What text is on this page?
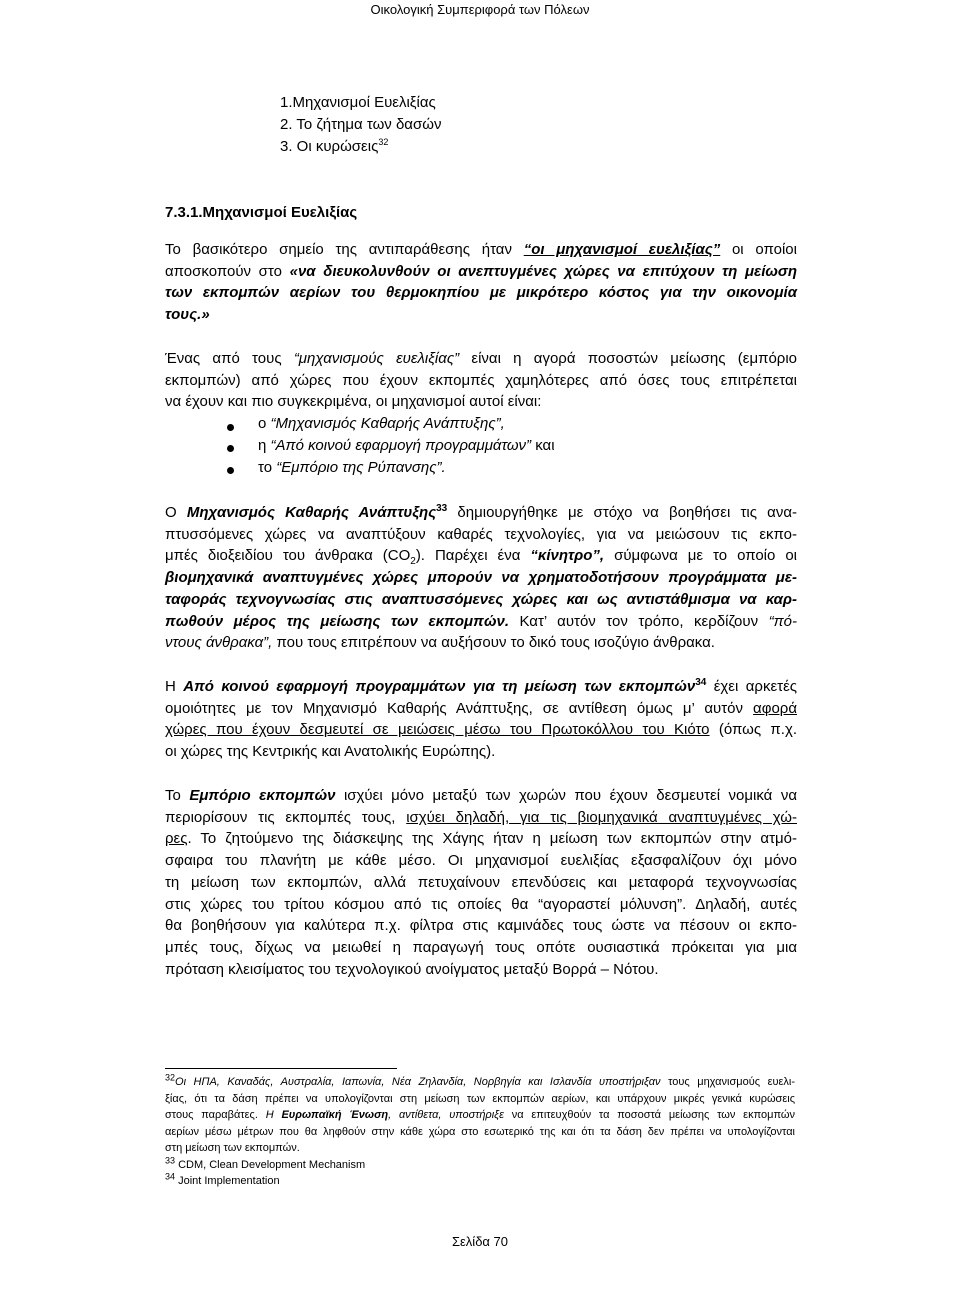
Οικολογική Συμπεριφορά των Πόλεων
1.Μηχανισμοί Ευελιξίας
2. Το ζήτημα των δασών
3. Οι κυρώσεις$^{32}$
7.3.1.Μηχανισμοί Ευελιξίας
Το βασικότερο σημείο της αντιπαράθεσης ήταν “οι μηχανισμοί ευελιξίας” οι οποίοι
αποσκοπούν στο «να διευκολυνθούν οι ανεπτυγμένες χώρες να επιτύχουν τη μείωση
των εκπομπών αερίων του θερμοκηπίου με μικρότερο κόστος για την οικονομία
τους.»
Ένας από τους “μηχανισμούς ευελιξίας” είναι η αγορά ποσοστών μείωσης (εμπόριο
εκπομπών) από χώρες που έχουν εκπομπές χαμηλότερες από όσες τους επιτρέπεται
να έχουν και πιο συγκεκριμένα, οι μηχανισμοί αυτοί είναι:
ο “Μηχανισμός Καθαρής Ανάπτυξης”,
η “Από κοινού εφαρμογή προγραμμάτων” και
το “Εμπόριο της Ρύπανσης”.
Ο Μηχανισμός Καθαρής Ανάπτυξης$^{33}$ δημιουργήθηκε με στόχο να βοηθήσει τις ανα-
πτυσσόμενες χώρες να αναπτύξουν καθαρές τεχνολογίες, για να μειώσουν τις εκπο-
μπές διοξειδίου του άνθρακα $(CO_2)$. Παρέχει ένα “κίνητρο”, σύμφωνα με το οποίο οι
βιομηχανικά αναπτυγμένες χώρες μπορούν να χρηματοδοτήσουν προγράμματα με-
ταφοράς τεχνογνωσίας στις αναπτυσσόμενες χώρες και ως αντιστάθμισμα να καρ-
πωθούν μέρος της μείωσης των εκπομπών. Κατ’ αυτόν τον τρόπο, κερδίζουν “πό-
ντους άνθρακα”, που τους επιτρέπουν να αυξήσουν το δικό τους ισοζύγιο άνθρακα.
Η Από κοινού εφαρμογή προγραμμάτων για τη μείωση των εκπομπών$^{34}$ έχει αρκετές
ομοιότητες με τον Μηχανισμό Καθαρής Ανάπτυξης, σε αντίθεση όμως μ’ αυτόν αφορά
χώρες που έχουν δεσμευτεί σε μειώσεις μέσω του Πρωτοκόλλου του Κιότο (όπως π.χ.
οι χώρες της Κεντρικής και Ανατολικής Ευρώπης).
Το Εμπόριο εκπομπών ισχύει μόνο μεταξύ των χωρών που έχουν δεσμευτεί νομικά να
περιορίσουν τις εκπομπές τους, ισχύει δηλαδή, για τις βιομηχανικά αναπτυγμένες χώ-
ρες. Το ζητούμενο της διάσκεψης της Χάγης ήταν η μείωση των εκπομπών στην ατμό-
σφαιρα του πλανήτη με κάθε μέσο. Οι μηχανισμοί ευελιξίας εξασφαλίζουν όχι μόνο
τη μείωση των εκπομπών, αλλά πετυχαίνουν επενδύσεις και μεταφορά τεχνογνωσίας
στις χώρες του τρίτου κόσμου από τις οποίες θα “αγοραστεί μόλυνση”. Δηλαδή, αυτές
θα βοηθήσουν για καλύτερα π.χ. φίλτρα στις καμινάδες τους ώστε να πέσουν οι εκπο-
μπές τους, δίχως να μειωθεί η παραγωγή τους οπότε ουσιαστικά πρόκειται για μια
πρόταση κλεισίματος του τεχνολογικού ανοίγματος μεταξύ Βορρά – Νότου.
$^{32}$Οι ΗΠΑ, Καναδάς, Αυστραλία, Ιαπωνία, Νέα Ζηλανδία, Νορβηγία και Ισλανδία υποστήριξαν τους μηχανισμούς ευελι-
ξίας, ότι τα δάση πρέπει να υπολογίζονται στη μείωση των εκπομπών αερίων, και υπάρχουν μικρές γενικά κυρώσεις
στους παραβάτες. Η Ευρωπαϊκή Ένωση, αντίθετα, υποστήριξε να επιτευχθούν τα ποσοστά μείωσης των εκπομπών
αερίων μέσω μέτρων που θα ληφθούν στην κάθε χώρα στο εσωτερικό της και ότι τα δάση δεν πρέπει να υπολογίζονται
στη μείωση των εκπομπών.
$^{33}$ CDM, Clean Development Mechanism
$^{34}$ Joint Implementation
Σελίδα 70
